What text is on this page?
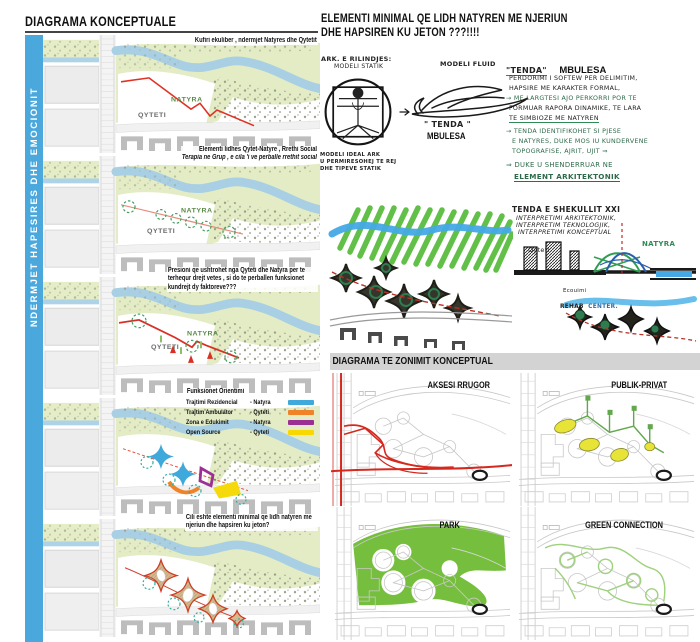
DIAGRAMA KONCEPTUALE
NDERMJET HAPESIRES DHE EMOCIONIT	NATYRA
QYTETI
NATYRA
QYTETI
NATYRA
QYTETI
Kufiri ekuliber , ndermjet Natyres dhe Qytetit
Elementi lidhes Qytet-Natyre , Rrethi Social
Terapia ne Grup , e cila 'i ve perballe rrethit social
Presioni qe ushtrohet nga Qyteti dhe Natyra per te terhequr drejt vetes , si do te perballen funksionet kundrejt dy faktoreve???
Funksionet Orientimi
Trajtimi Rezidencial	- Natyra
Trajtim Ambulator	- Qyteti
Zona e Edukimit	- Natyra
Open Source	- Qyteti
Cili eshte elementi minimal qe lidh natyren me njeriun dhe hapsiren ku jeton?
ELEMENTI MINIMAL QE LIDH NATYREN ME NJERIUN
DHE HAPSIREN KU JETON ???!!!!
ARK. E RILINDJES:
MODELI STATIK
MODELI IDEAL ARK
U PERMIRESOHEJ TE REJ
DHE TIPEVE STATIK
MODELI FLUID
" TENDA "
MBULESA
"TENDA" MBULESA
PERDORIMI I SOFTEW PER DELIMITIM,
HAPSIRE ME KARAKTER FORMAL,
→ ME LARGTESI AJO PERKORRI POR TE
FORMUAR RAPORA DINAMIKE, TE LARA
TE SIMBIOZE ME NATYREN
→ TENDA IDENTIFIKOHET SI PJESE
E NATYRES, DUKE MOS IU KUNDERVENE
TOPOGRAFISE, AJRIT, UJIT ⇒
⇒ DUKE U SHENDERRUAR NE
ELEMENT ARKITEKTONIK
TENDA E SHEKULLIT XXI
INTERPRETIMI ARKITEKTONIK,
INTERPRETIM TEKNOLOGJIK,
INTERPRETIMI KONCEPTUAL
Qyteti
NATYRA
Ecouimi
REHAB CENTER.
DIAGRAMA TE ZONIMIT KONCEPTUAL
AKSESI RRUGOR	PUBLIK-PRIVAT
PARK	GREEN CONNECTION
